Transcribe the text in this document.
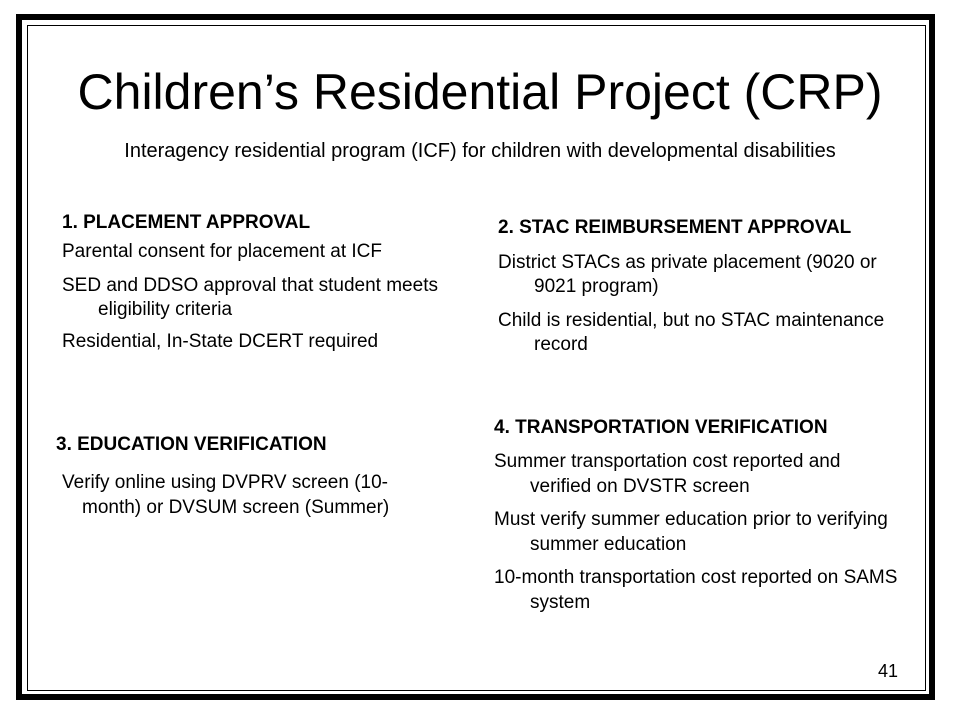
Children’s Residential Project (CRP)
Interagency residential program (ICF) for children with developmental disabilities
1. PLACEMENT APPROVAL
Parental consent for placement at ICF
SED and DDSO approval that student meets eligibility criteria
Residential, In-State DCERT required
2. STAC REIMBURSEMENT APPROVAL
District STACs as private placement (9020 or 9021 program)
Child is residential, but no STAC maintenance record
3. EDUCATION VERIFICATION
Verify online using DVPRV screen (10-month) or DVSUM screen (Summer)
4. TRANSPORTATION VERIFICATION
Summer transportation cost reported and verified on DVSTR screen
Must verify summer education prior to verifying summer education
10-month transportation cost reported on SAMS system
41
